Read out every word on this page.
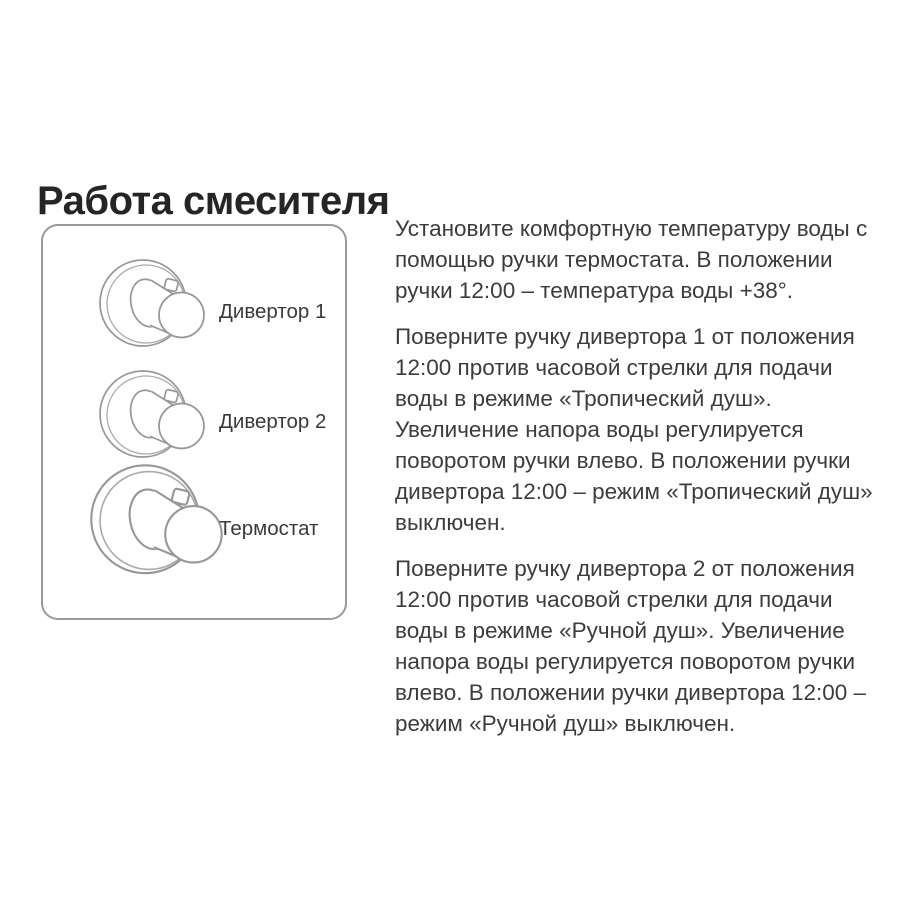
Работа смесителя
Дивертор 1
Дивертор 2
Термостат

Установите комфортную температуру воды с помощью ручки термостата. В положении ручки 12:00 – температура воды +38°.

Поверните ручку дивертора 1 от положения 12:00 против часовой стрелки для подачи воды в режиме «Тропический душ». Увеличение напора воды регулируется поворотом ручки влево. В положении ручки дивертора 12:00 – режим «Тропический душ» выключен.

Поверните ручку дивертора 2 от положения 12:00 против часовой стрелки для подачи воды в режиме «Ручной душ». Увеличение напора воды регулируется поворотом ручки влево. В положении ручки дивертора 12:00 – режим «Ручной душ» выключен.
